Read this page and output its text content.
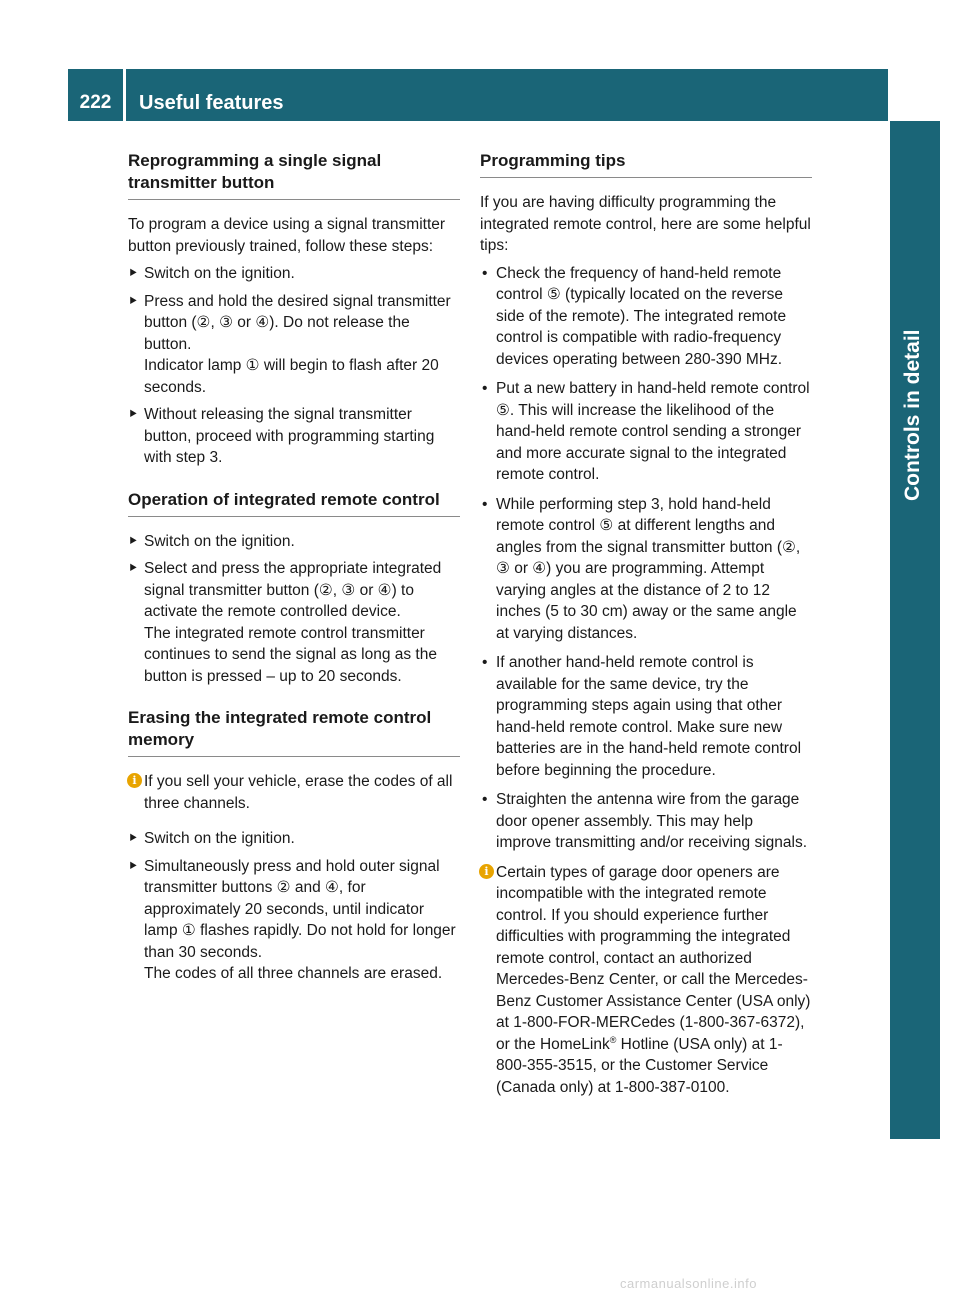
222	Useful features
Controls in detail
Reprogramming a single signal transmitter button

To program a device using a signal transmitter button previously trained, follow these steps:

⯈ Switch on the ignition.
⯈ Press and hold the desired signal transmitter button (②, ③ or ④). Do not release the button.
Indicator lamp ① will begin to flash after 20 seconds.
⯈ Without releasing the signal transmitter button, proceed with programming starting with step 3.
Operation of integrated remote control
⯈ Switch on the ignition.
⯈ Select and press the appropriate integrated signal transmitter button (②, ③ or ④) to activate the remote controlled device.
The integrated remote control transmitter continues to send the signal as long as the button is pressed – up to 20 seconds.
Erasing the integrated remote control memory
i If you sell your vehicle, erase the codes of all three channels.
⯈ Switch on the ignition.
⯈ Simultaneously press and hold outer signal transmitter buttons ② and ④, for approximately 20 seconds, until indicator lamp ① flashes rapidly. Do not hold for longer than 30 seconds.
The codes of all three channels are erased.
Programming tips

If you are having difficulty programming the integrated remote control, here are some helpful tips:

• Check the frequency of hand-held remote control ⑤ (typically located on the reverse side of the remote). The integrated remote control is compatible with radio-frequency devices operating between 280-390 MHz.
• Put a new battery in hand-held remote control ⑤. This will increase the likelihood of the hand-held remote control sending a stronger and more accurate signal to the integrated remote control.
• While performing step 3, hold hand-held remote control ⑤ at different lengths and angles from the signal transmitter button (②, ③ or ④) you are programming. Attempt varying angles at the distance of 2 to 12 inches (5 to 30 cm) away or the same angle at varying distances.
• If another hand-held remote control is available for the same device, try the programming steps again using that other hand-held remote control. Make sure new batteries are in the hand-held remote control before beginning the procedure.
• Straighten the antenna wire from the garage door opener assembly. This may help improve transmitting and/or receiving signals.
i Certain types of garage door openers are incompatible with the integrated remote control. If you should experience further difficulties with programming the integrated remote control, contact an authorized Mercedes-Benz Center, or call the Mercedes-Benz Customer Assistance Center (USA only) at 1-800-FOR-MERCedes (1-800-367-6372), or the HomeLink® Hotline (USA only) at 1-800-355-3515, or the Customer Service (Canada only) at 1-800-387-0100.
carmanualsonline.info
